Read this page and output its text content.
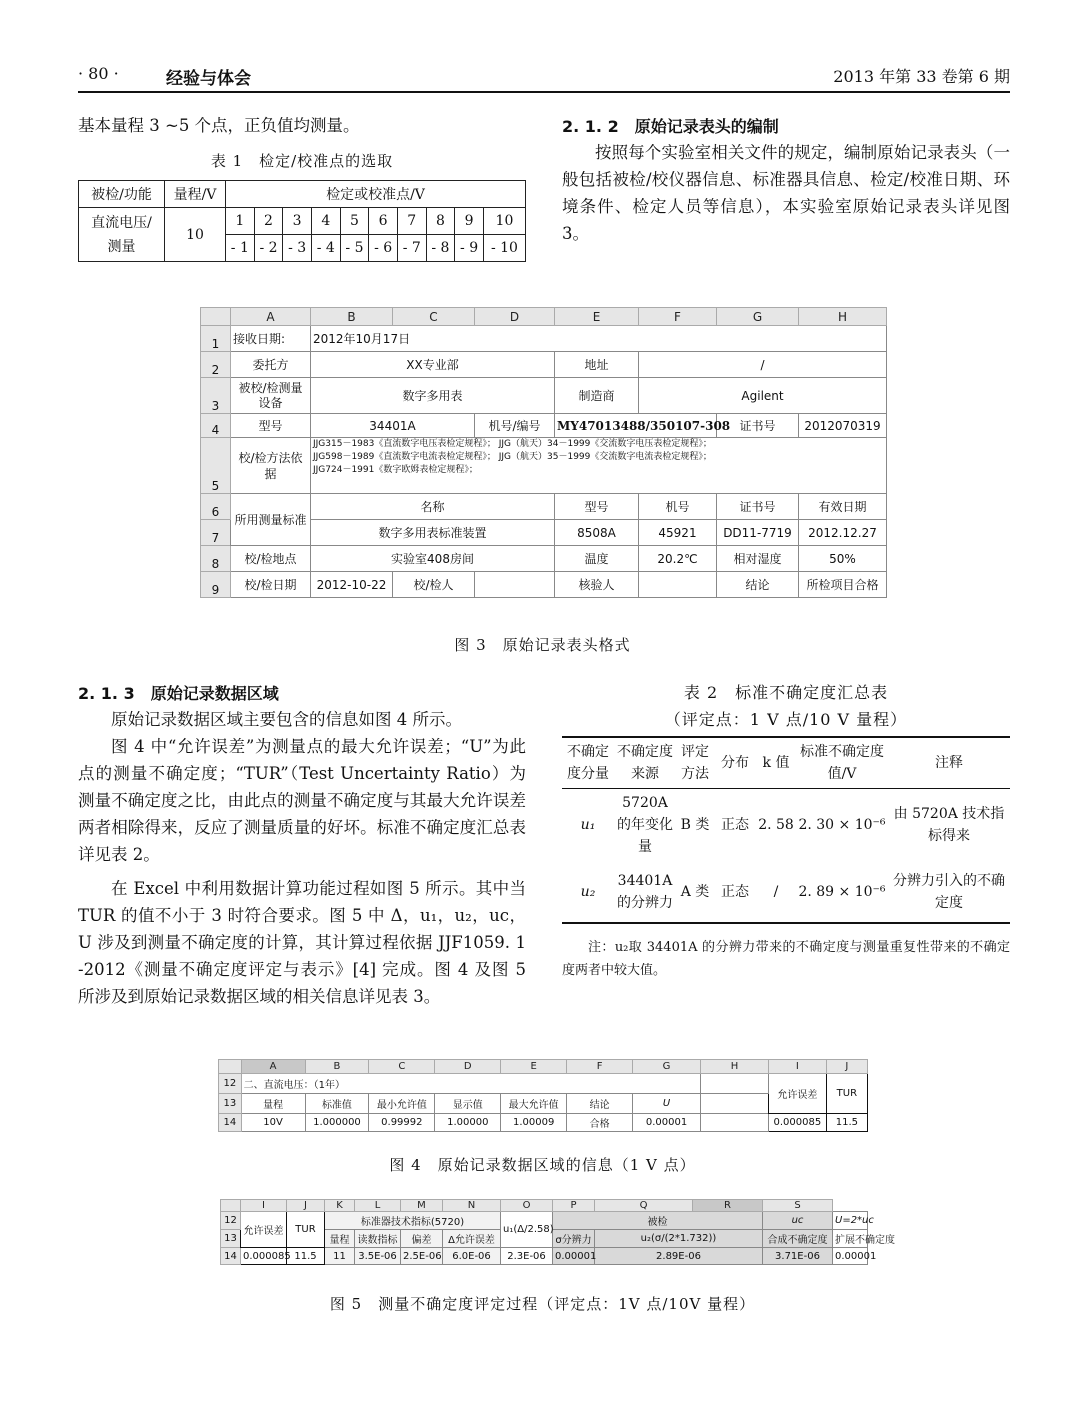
· 80 ·	经验与体会	2013 年第 33 卷第 6 期

基本量程 3 ~5 个点，正负值均测量。

表 1　检定/校准点的选取
被检/功能	量程/V	检定或校准点/V									
直流电压/测量	10	1	2	3	4	5	6	7	8	9	10
		- 1	- 2	- 3	- 4	- 5	- 6	- 7	- 8	- 9	- 10
2. 1. 2　原始记录表头的编制

按照每个实验室相关文件的规定，编制原始记录表头（一般包括被检/校仪器信息、标准器具信息、检定/校准日期、环境条件、检定人员等信息），本实验室原始记录表头详见图 3。

	A	B	C	D	E	F	G	H
1	接收日期:	2012年10月17日						
2	委托方	XX专业部			地址	/		
3	被校/检测量设备	数字多用表			制造商	Agilent		
4	型号	34401A		机号/编号	MY47013488/350107-308		证书号	2012070319
5	校/检方法依据	JJG315－1983《直流数字电压表检定规程》； JJG（航天）34－1999《交流数字电压表检定规程》；
JJG598－1989《直流数字电流表检定规程》； JJG（航天）35－1999《交流数字电流表检定规程》；
JJG724－1991《数字欧姆表检定规程》；						

6	所用测量标准	名称			型号	机号	证书号	有效日期
7		数字多用表标准装置			8508A	45921	DD11-7719	2012.12.27
8	校/检地点	实验室408房间			温度	20.2℃	相对湿度	50%
9	校/检日期	2012-10-22	校/检人		核验人		结论	所检项目合格
图 3　原始记录表头格式
2. 1. 3　原始记录数据区域

原始记录数据区域主要包含的信息如图 4 所示。

图 4 中“允许误差”为测量点的最大允许误差；“U”为此点的测量不确定度；“TUR”（Test Uncertainty Ratio）为测量不确定度之比，由此点的测量不确定度与其最大允许误差两者相除得来，反应了测量质量的好坏。标准不确定度汇总表详见表 2。

在 Excel 中利用数据计算功能过程如图 5 所示。其中当 TUR 的值不小于 3 时符合要求。图 5 中 Δ，u₁，u₂，uc，U 涉及到测量不确定度的计算，其计算过程依据 JJF1059. 1 -2012《测量不确定度评定与表示》[4] 完成。图 4 及图 5 所涉及到原始记录数据区域的相关信息详见表 3。

表 2　标准不确定度汇总表
（评定点：1 V 点/10 V 量程）
不确定度分量	不确定度来源	评定方法	分布	k 值	标准不确定度值/V	注释
u₁	5720A 的年变化量	B 类	正态	2. 58	2. 30 × 10⁻⁶	由 5720A 技术指标得来
u₂	34401A 的分辨力	A 类	正态	/	2. 89 × 10⁻⁶	分辨力引入的不确定度

注：u₂取 34401A 的分辨力带来的不确定度与测量重复性带来的不确定度两者中较大值。

	A	B	C	D	E	F	G	H	I	J
12	二、直流电压：（1年）								允许误差	TUR
13	量程	标准值	最小允许值	显示值	最大允许值	结论	U			
14	10V	1.000000	0.99992	1.00000	1.00009	合格	0.00001		0.000085	11.5
图 4　原始记录数据区域的信息（1 V 点）
	I	J	K	L	M	N	O	P	Q	R	S	
12	允许误差	TUR	标准器技术指标(5720)				u₁(Δ/2.58)	被检			uc	U=2*uc
13			量程	读数指标	偏差	Δ允许误差		σ分辨力	u₂(σ/(2*1.732))		合成不确定度	扩展不确定度
14	0.000085	11.5	11	3.5E-06	2.5E-06	6.0E-06	2.3E-06	0.00001	2.89E-06		3.71E-06	0.00001
图 5　测量不确定度评定过程（评定点：1V 点/10V 量程）
